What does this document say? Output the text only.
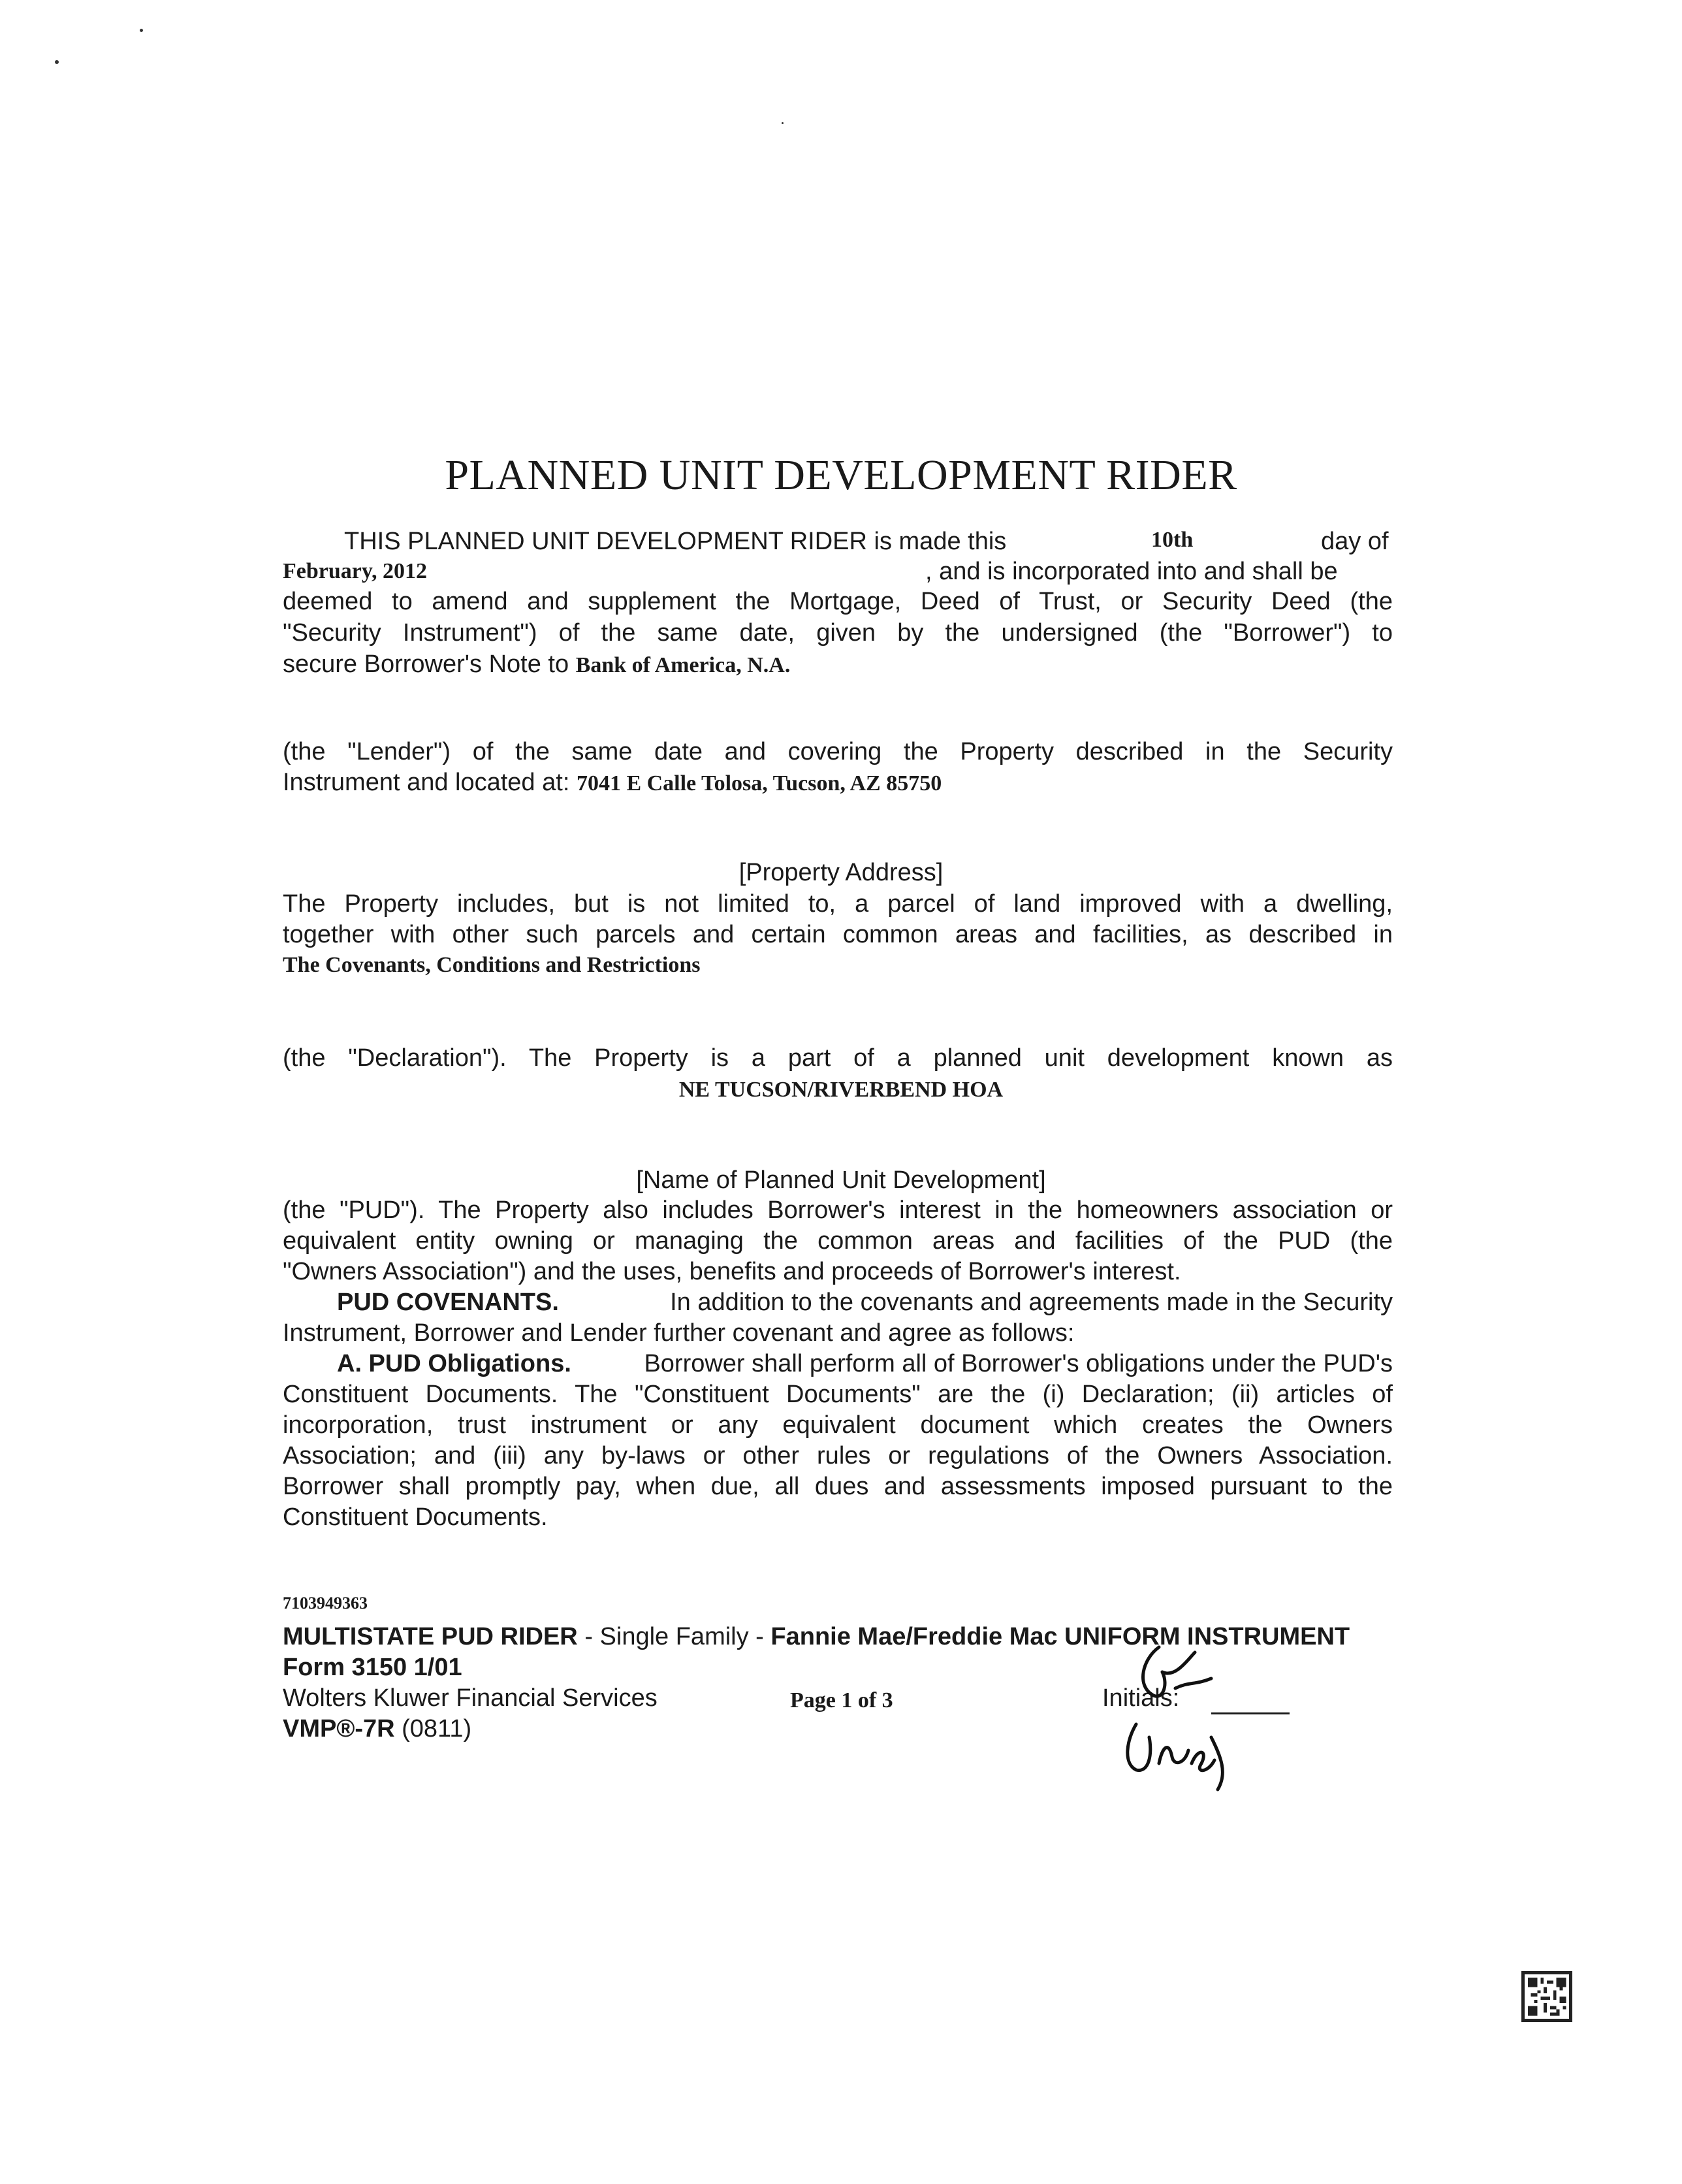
PLANNED UNIT DEVELOPMENT RIDER
THIS PLANNED UNIT DEVELOPMENT RIDER is made this	10th	day of
February, 2012	, and is incorporated into and shall be
deemed to amend and supplement the Mortgage, Deed of Trust, or Security Deed (the
"Security Instrument") of the same date, given by the undersigned (the "Borrower") to
secure Borrower's Note to Bank of America, N.A.
(the "Lender") of the same date and covering the Property described in the Security
Instrument and located at: 7041 E Calle Tolosa, Tucson, AZ 85750
[Property Address]
The Property includes, but is not limited to, a parcel of land improved with a dwelling,
together with other such parcels and certain common areas and facilities, as described in
The Covenants, Conditions and Restrictions
(the "Declaration"). The Property is a part of a planned unit development known as
NE TUCSON/RIVERBEND HOA
[Name of Planned Unit Development]
(the "PUD"). The Property also includes Borrower's interest in the homeowners association or
equivalent entity owning or managing the common areas and facilities of the PUD (the
"Owners Association") and the uses, benefits and proceeds of Borrower's interest.
PUD COVENANTS.	In addition to the covenants and agreements made in the Security
Instrument, Borrower and Lender further covenant and agree as follows:
A. PUD Obligations.	Borrower shall perform all of Borrower's obligations under the PUD's
Constituent Documents. The "Constituent Documents" are the (i) Declaration; (ii) articles of
incorporation, trust instrument or any equivalent document which creates the Owners
Association; and (iii) any by-laws or other rules or regulations of the Owners Association.
Borrower shall promptly pay, when due, all dues and assessments imposed pursuant to the
Constituent Documents.
7103949363
MULTISTATE PUD RIDER - Single Family - Fannie Mae/Freddie Mac UNIFORM INSTRUMENT
Form 3150 1/01
Wolters Kluwer Financial Services	Page 1 of 3
VMP®-7R (0811)
Initials:
